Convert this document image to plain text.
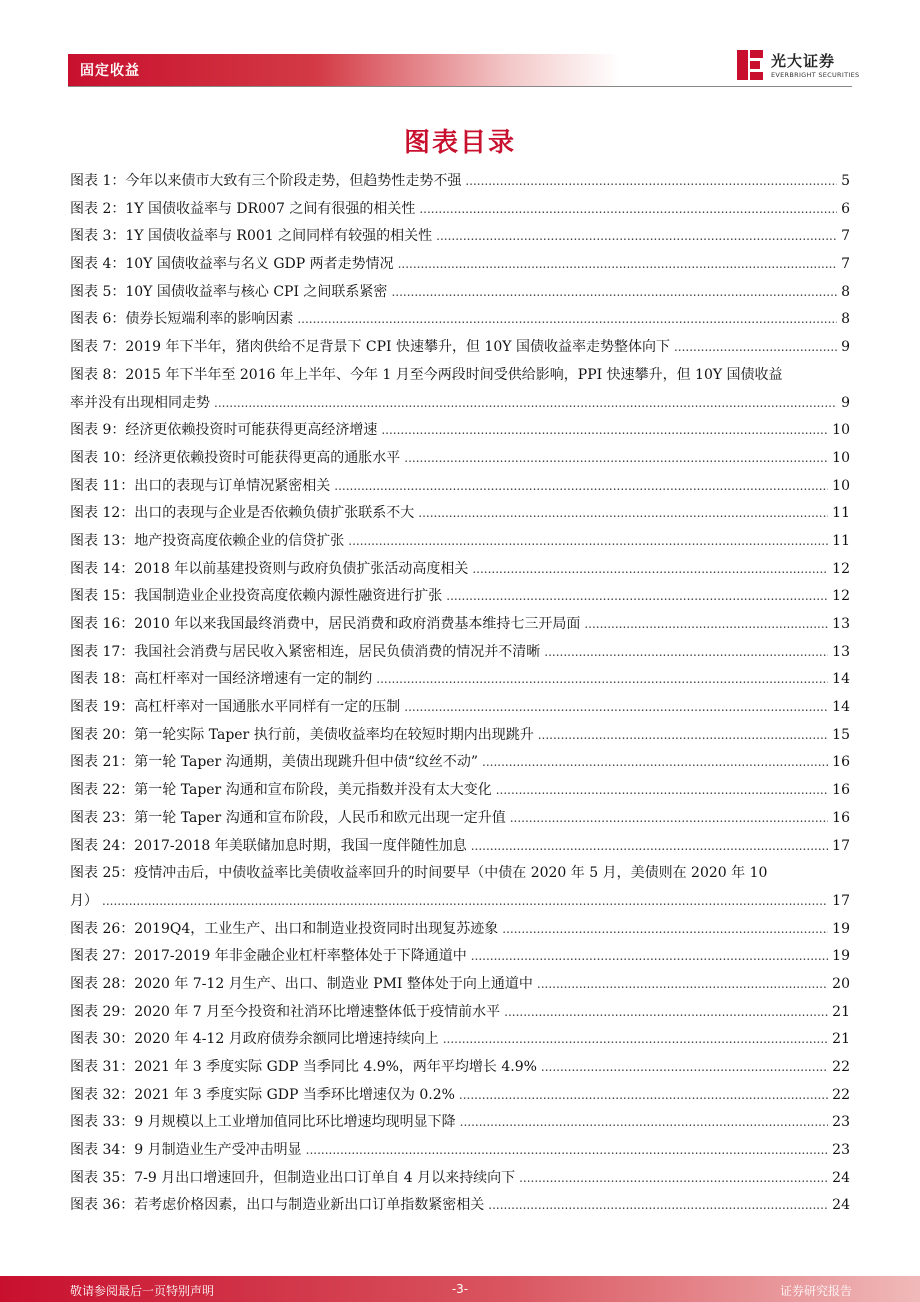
固定收益
光大证券
EVERBRIGHT SECURITIES
图表目录
图表 1：今年以来债市大致有三个阶段走势，但趋势性走势不强 .....	5
图表 2：1Y 国债收益率与 DR007 之间有很强的相关性 .....	6
图表 3：1Y 国债收益率与 R001 之间同样有较强的相关性 .....	7
图表 4：10Y 国债收益率与名义 GDP 两者走势情况 .....	7
图表 5：10Y 国债收益率与核心 CPI 之间联系紧密 .....	8
图表 6：债券长短端利率的影响因素 .....	8
图表 7：2019 年下半年，猪肉供给不足背景下 CPI 快速攀升，但 10Y 国债收益率走势整体向下 .....	9
图表 8：2015 年下半年至 2016 年上半年、今年 1 月至今两段时间受供给影响，PPI 快速攀升，但 10Y 国债收益
率并没有出现相同走势 .....	9
图表 9：经济更依赖投资时可能获得更高经济增速 .....	10
图表 10：经济更依赖投资时可能获得更高的通胀水平 .....	10
图表 11：出口的表现与订单情况紧密相关 .....	10
图表 12：出口的表现与企业是否依赖负债扩张联系不大 .....	11
图表 13：地产投资高度依赖企业的信贷扩张 .....	11
图表 14：2018 年以前基建投资则与政府负债扩张活动高度相关 .....	12
图表 15：我国制造业企业投资高度依赖内源性融资进行扩张 .....	12
图表 16：2010 年以来我国最终消费中，居民消费和政府消费基本维持七三开局面 .....	13
图表 17：我国社会消费与居民收入紧密相连，居民负债消费的情况并不清晰 .....	13
图表 18：高杠杆率对一国经济增速有一定的制约 .....	14
图表 19：高杠杆率对一国通胀水平同样有一定的压制 .....	14
图表 20：第一轮实际 Taper 执行前，美债收益率均在较短时期内出现跳升 .....	15
图表 21：第一轮 Taper 沟通期，美债出现跳升但中债“纹丝不动” .....	16
图表 22：第一轮 Taper 沟通和宣布阶段，美元指数并没有太大变化 .....	16
图表 23：第一轮 Taper 沟通和宣布阶段，人民币和欧元出现一定升值 .....	16
图表 24：2017-2018 年美联储加息时期，我国一度伴随性加息 .....	17
图表 25：疫情冲击后，中债收益率比美债收益率回升的时间要早（中债在 2020 年 5 月，美债则在 2020 年 10
月） .....	17
图表 26：2019Q4，工业生产、出口和制造业投资同时出现复苏迹象 .....	19
图表 27：2017-2019 年非金融企业杠杆率整体处于下降通道中 .....	19
图表 28：2020 年 7-12 月生产、出口、制造业 PMI 整体处于向上通道中 .....	20
图表 29：2020 年 7 月至今投资和社消环比增速整体低于疫情前水平 .....	21
图表 30：2020 年 4-12 月政府债券余额同比增速持续向上 .....	21
图表 31：2021 年 3 季度实际 GDP 当季同比 4.9%，两年平均增长 4.9% .....	22
图表 32：2021 年 3 季度实际 GDP 当季环比增速仅为 0.2% .....	22
图表 33：9 月规模以上工业增加值同比环比增速均现明显下降 .....	23
图表 34：9 月制造业生产受冲击明显 .....	23
图表 35：7-9 月出口增速回升，但制造业出口订单自 4 月以来持续向下 .....	24
图表 36：若考虑价格因素，出口与制造业新出口订单指数紧密相关 .....	24
敬请参阅最后一页特别声明	-3-	证券研究报告
